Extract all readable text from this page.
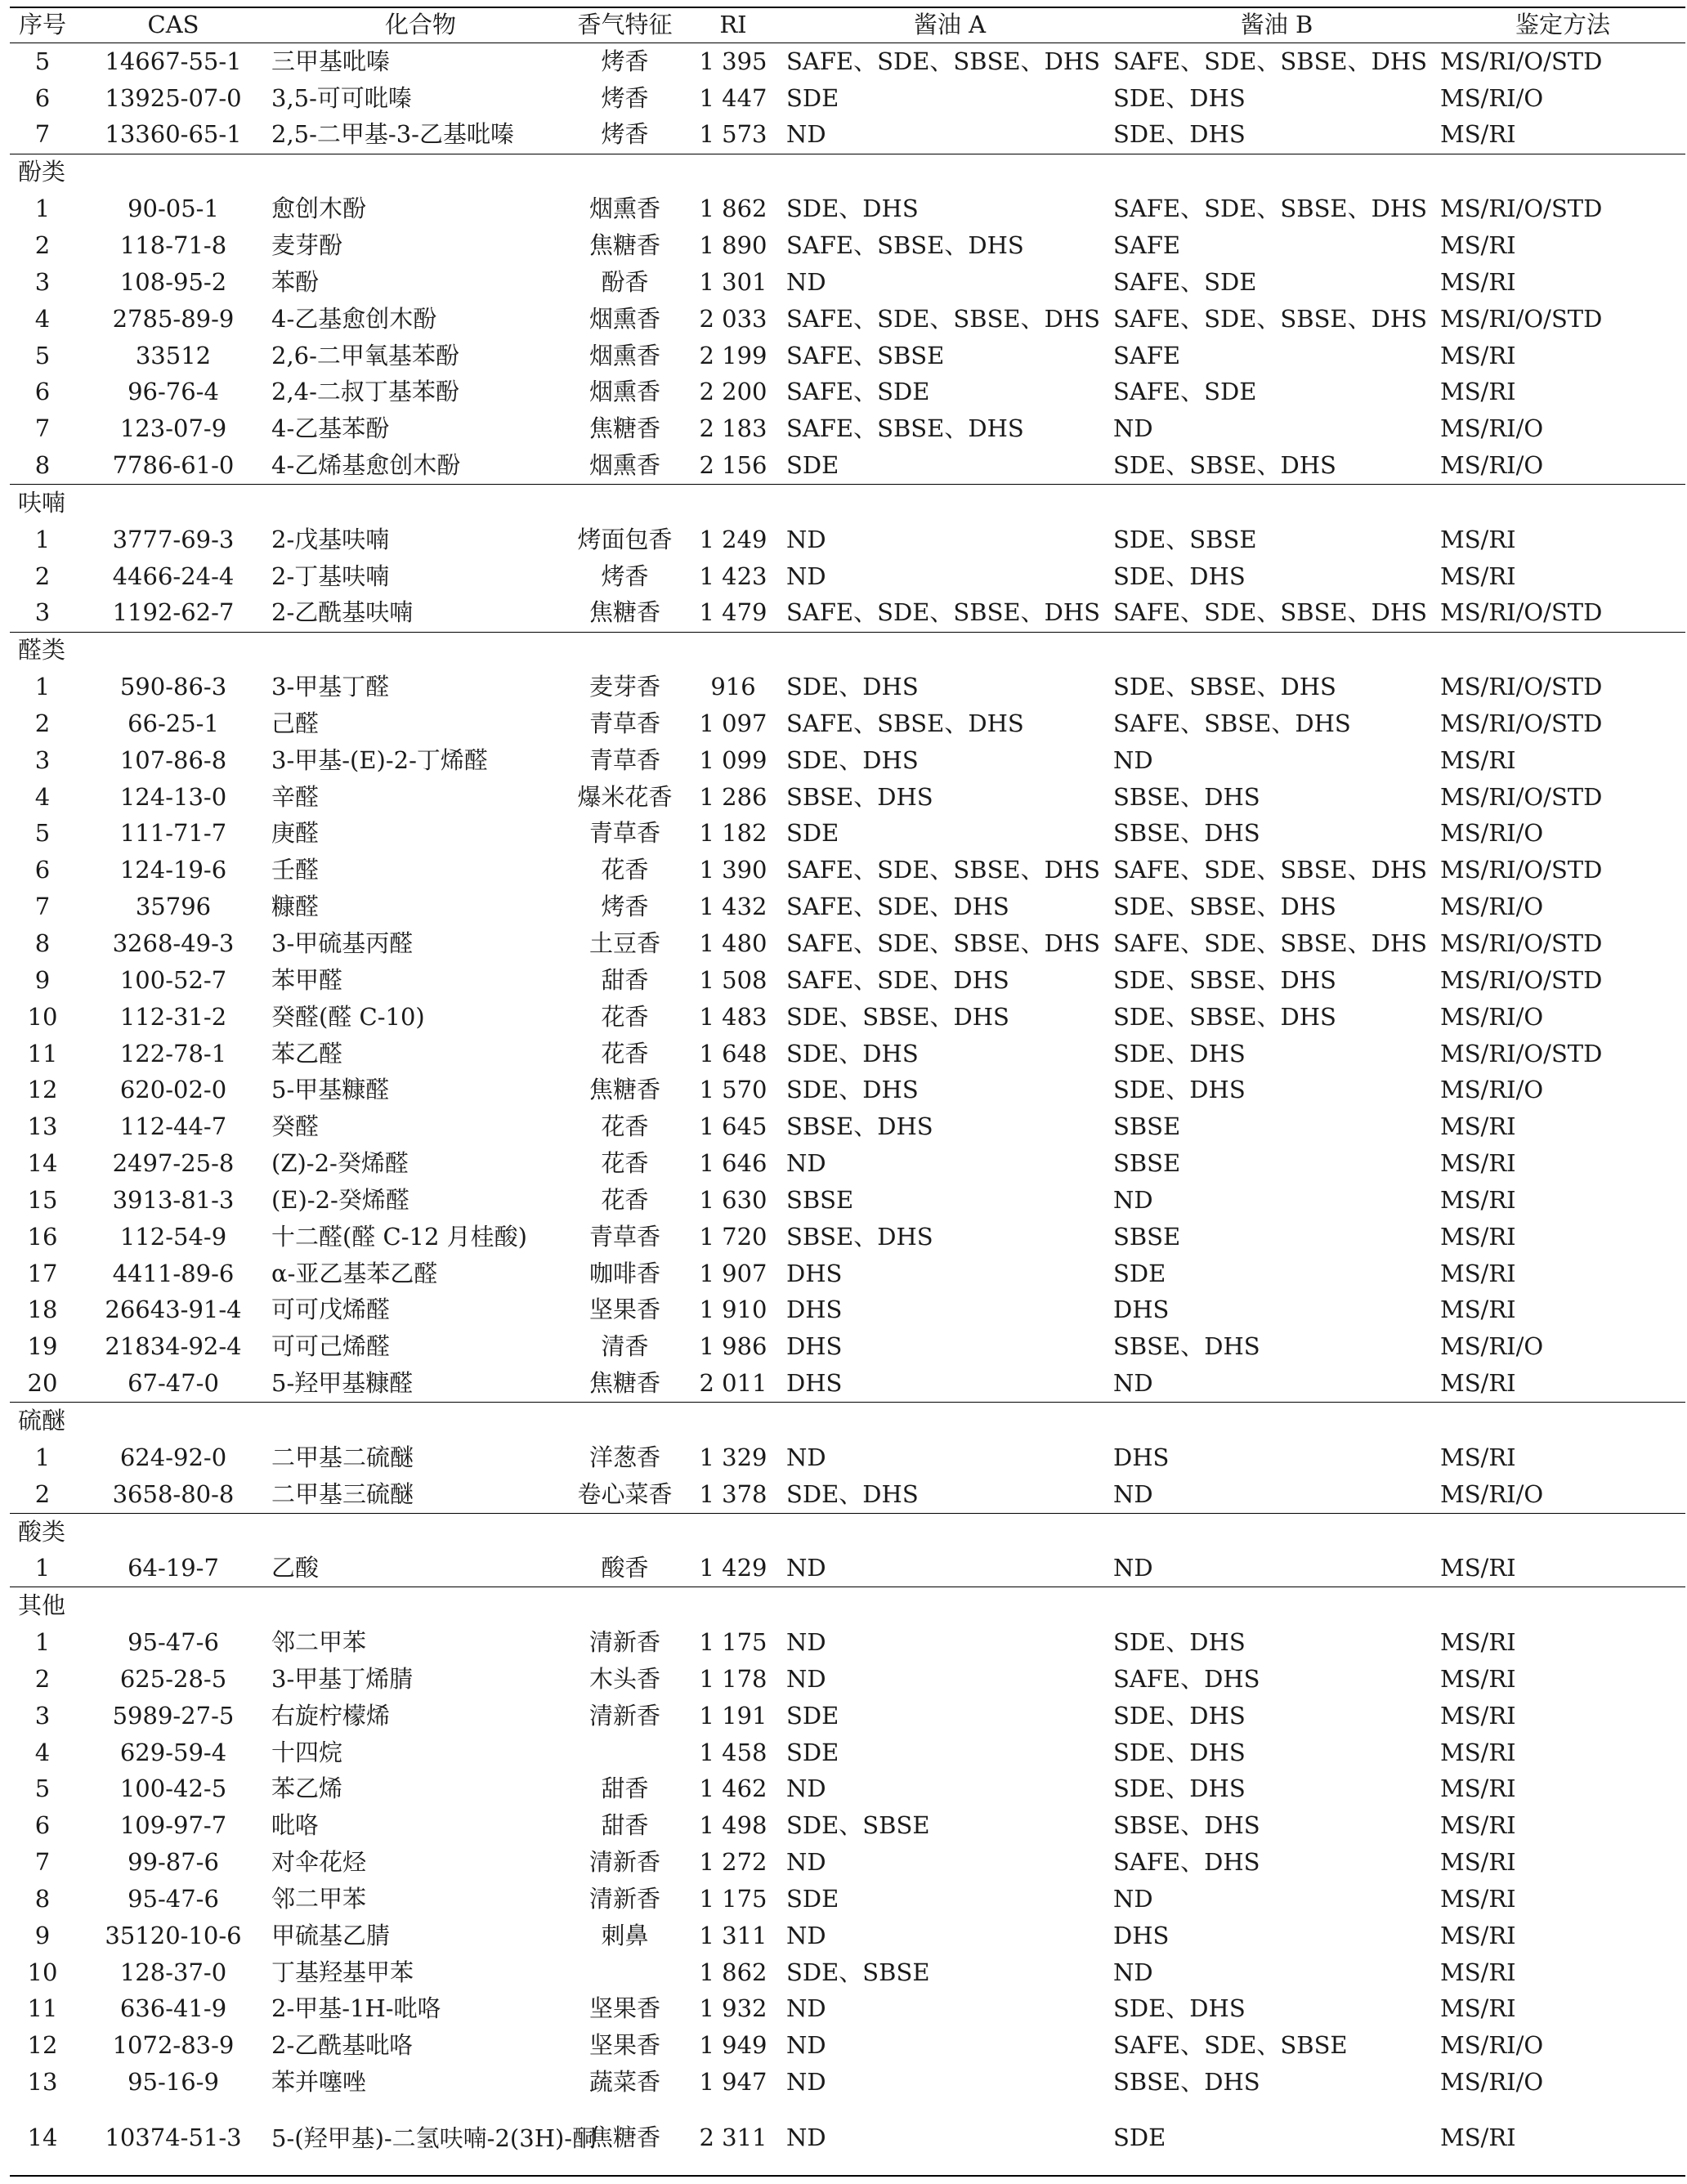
序号	CAS	化合物	香气特征	RI	酱油 A	酱油 B	鉴定方法
5	14667-55-1	三甲基吡嗪	烤香	1 395	SAFE、SDE、SBSE、DHS	SAFE、SDE、SBSE、DHS	MS/RI/O/STD
6	13925-07-0	3,5-可可吡嗪	烤香	1 447	SDE	SDE、DHS	MS/RI/O
7	13360-65-1	2,5-二甲基-3-乙基吡嗪	烤香	1 573	ND	SDE、DHS	MS/RI
酚类							
1	90-05-1	愈创木酚	烟熏香	1 862	SDE、DHS	SAFE、SDE、SBSE、DHS	MS/RI/O/STD
2	118-71-8	麦芽酚	焦糖香	1 890	SAFE、SBSE、DHS	SAFE	MS/RI
3	108-95-2	苯酚	酚香	1 301	ND	SAFE、SDE	MS/RI
4	2785-89-9	4-乙基愈创木酚	烟熏香	2 033	SAFE、SDE、SBSE、DHS	SAFE、SDE、SBSE、DHS	MS/RI/O/STD
5	33512	2,6-二甲氧基苯酚	烟熏香	2 199	SAFE、SBSE	SAFE	MS/RI
6	96-76-4	2,4-二叔丁基苯酚	烟熏香	2 200	SAFE、SDE	SAFE、SDE	MS/RI
7	123-07-9	4-乙基苯酚	焦糖香	2 183	SAFE、SBSE、DHS	ND	MS/RI/O
8	7786-61-0	4-乙烯基愈创木酚	烟熏香	2 156	SDE	SDE、SBSE、DHS	MS/RI/O
呋喃							
1	3777-69-3	2-戊基呋喃	烤面包香	1 249	ND	SDE、SBSE	MS/RI
2	4466-24-4	2-丁基呋喃	烤香	1 423	ND	SDE、DHS	MS/RI
3	1192-62-7	2-乙酰基呋喃	焦糖香	1 479	SAFE、SDE、SBSE、DHS	SAFE、SDE、SBSE、DHS	MS/RI/O/STD
醛类							
1	590-86-3	3-甲基丁醛	麦芽香	916	SDE、DHS	SDE、SBSE、DHS	MS/RI/O/STD
2	66-25-1	己醛	青草香	1 097	SAFE、SBSE、DHS	SAFE、SBSE、DHS	MS/RI/O/STD
3	107-86-8	3-甲基-(E)-2-丁烯醛	青草香	1 099	SDE、DHS	ND	MS/RI
4	124-13-0	辛醛	爆米花香	1 286	SBSE、DHS	SBSE、DHS	MS/RI/O/STD
5	111-71-7	庚醛	青草香	1 182	SDE	SBSE、DHS	MS/RI/O
6	124-19-6	壬醛	花香	1 390	SAFE、SDE、SBSE、DHS	SAFE、SDE、SBSE、DHS	MS/RI/O/STD
7	35796	糠醛	烤香	1 432	SAFE、SDE、DHS	SDE、SBSE、DHS	MS/RI/O
8	3268-49-3	3-甲硫基丙醛	土豆香	1 480	SAFE、SDE、SBSE、DHS	SAFE、SDE、SBSE、DHS	MS/RI/O/STD
9	100-52-7	苯甲醛	甜香	1 508	SAFE、SDE、DHS	SDE、SBSE、DHS	MS/RI/O/STD
10	112-31-2	癸醛(醛 C-10)	花香	1 483	SDE、SBSE、DHS	SDE、SBSE、DHS	MS/RI/O
11	122-78-1	苯乙醛	花香	1 648	SDE、DHS	SDE、DHS	MS/RI/O/STD
12	620-02-0	5-甲基糠醛	焦糖香	1 570	SDE、DHS	SDE、DHS	MS/RI/O
13	112-44-7	癸醛	花香	1 645	SBSE、DHS	SBSE	MS/RI
14	2497-25-8	(Z)-2-癸烯醛	花香	1 646	ND	SBSE	MS/RI
15	3913-81-3	(E)-2-癸烯醛	花香	1 630	SBSE	ND	MS/RI
16	112-54-9	十二醛(醛 C-12 月桂酸)	青草香	1 720	SBSE、DHS	SBSE	MS/RI
17	4411-89-6	α-亚乙基苯乙醛	咖啡香	1 907	DHS	SDE	MS/RI
18	26643-91-4	可可戊烯醛	坚果香	1 910	DHS	DHS	MS/RI
19	21834-92-4	可可己烯醛	清香	1 986	DHS	SBSE、DHS	MS/RI/O
20	67-47-0	5-羟甲基糠醛	焦糖香	2 011	DHS	ND	MS/RI
硫醚							
1	624-92-0	二甲基二硫醚	洋葱香	1 329	ND	DHS	MS/RI
2	3658-80-8	二甲基三硫醚	卷心菜香	1 378	SDE、DHS	ND	MS/RI/O
酸类							
1	64-19-7	乙酸	酸香	1 429	ND	ND	MS/RI
其他							
1	95-47-6	邻二甲苯	清新香	1 175	ND	SDE、DHS	MS/RI
2	625-28-5	3-甲基丁烯腈	木头香	1 178	ND	SAFE、DHS	MS/RI
3	5989-27-5	右旋柠檬烯	清新香	1 191	SDE	SDE、DHS	MS/RI
4	629-59-4	十四烷		1 458	SDE	SDE、DHS	MS/RI
5	100-42-5	苯乙烯	甜香	1 462	ND	SDE、DHS	MS/RI
6	109-97-7	吡咯	甜香	1 498	SDE、SBSE	SBSE、DHS	MS/RI
7	99-87-6	对伞花烃	清新香	1 272	ND	SAFE、DHS	MS/RI
8	95-47-6	邻二甲苯	清新香	1 175	SDE	ND	MS/RI
9	35120-10-6	甲硫基乙腈	刺鼻	1 311	ND	DHS	MS/RI
10	128-37-0	丁基羟基甲苯		1 862	SDE、SBSE	ND	MS/RI
11	636-41-9	2-甲基-1H-吡咯	坚果香	1 932	ND	SDE、DHS	MS/RI
12	1072-83-9	2-乙酰基吡咯	坚果香	1 949	ND	SAFE、SDE、SBSE	MS/RI/O
13	95-16-9	苯并噻唑	蔬菜香	1 947	ND	SBSE、DHS	MS/RI/O
14	10374-51-3	5-(羟甲基)-二氢呋喃-2(3H)-酮	焦糖香	2 311	ND	SDE	MS/RI
